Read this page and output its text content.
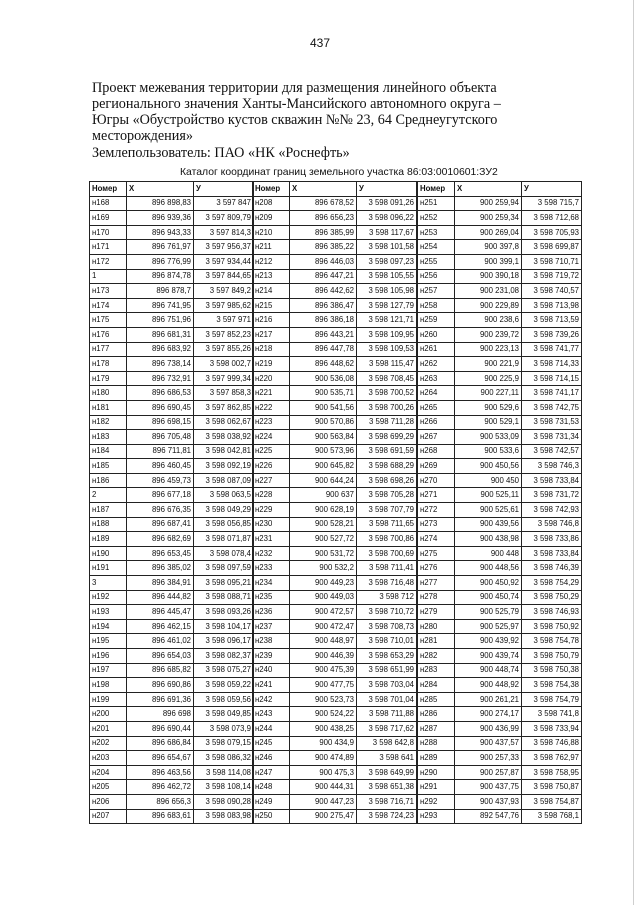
437
Проект межевания территории для размещения линейного объекта
регионального значения Ханты-Мансийского автономного округа –
Югры «Обустройство кустов скважин №№ 23, 64 Среднеугутского
месторождения»
Землепользователь: ПАО «НК «Роснефть»
Каталог координат границ земельного участка 86:03:0010601:ЗУ2
Номер	X	У
н168	896 898,83	3 597 847
н169	896 939,36	3 597 809,79
н170	896 943,33	3 597 814,3
н171	896 761,97	3 597 956,37
н172	896 776,99	3 597 934,44
1	896 874,78	3 597 844,65
н173	896 878,7	3 597 849,2
н174	896 741,95	3 597 985,62
н175	896 751,96	3 597 971
н176	896 681,31	3 597 852,23
н177	896 683,92	3 597 855,26
н178	896 738,14	3 598 002,7
н179	896 732,91	3 597 999,34
н180	896 686,53	3 597 858,3
н181	896 690,45	3 597 862,85
н182	896 698,15	3 598 062,67
н183	896 705,48	3 598 038,92
н184	896 711,81	3 598 042,81
н185	896 460,45	3 598 092,19
н186	896 459,73	3 598 087,09
2	896 677,18	3 598 063,5
н187	896 676,35	3 598 049,29
н188	896 687,41	3 598 056,85
н189	896 682,69	3 598 071,87
н190	896 653,45	3 598 078,4
н191	896 385,02	3 598 097,59
3	896 384,91	3 598 095,21
н192	896 444,82	3 598 088,71
н193	896 445,47	3 598 093,26
н194	896 462,15	3 598 104,17
н195	896 461,02	3 598 096,17
н196	896 654,03	3 598 082,37
н197	896 685,82	3 598 075,27
н198	896 690,86	3 598 059,22
н199	896 691,36	3 598 059,56
н200	896 698	3 598 049,85
н201	896 690,44	3 598 073,9
н202	896 686,84	3 598 079,15
н203	896 654,67	3 598 086,32
н204	896 463,56	3 598 114,08
н205	896 462,72	3 598 108,14
н206	896 656,3	3 598 090,28
н207	896 683,61	3 598 083,98
Номер	X	У
н208	896 678,52	3 598 091,26
н209	896 656,23	3 598 096,22
н210	896 385,99	3 598 117,67
н211	896 385,22	3 598 101,58
н212	896 446,03	3 598 097,23
н213	896 447,21	3 598 105,55
н214	896 442,62	3 598 105,98
н215	896 386,47	3 598 127,79
н216	896 386,18	3 598 121,71
н217	896 443,21	3 598 109,95
н218	896 447,78	3 598 109,53
н219	896 448,62	3 598 115,47
н220	900 536,08	3 598 708,45
н221	900 535,71	3 598 700,52
н222	900 541,56	3 598 700,26
н223	900 570,86	3 598 711,28
н224	900 563,84	3 598 699,29
н225	900 573,96	3 598 691,59
н226	900 645,82	3 598 688,29
н227	900 644,24	3 598 698,26
н228	900 637	3 598 705,28
н229	900 628,19	3 598 707,79
н230	900 528,21	3 598 711,65
н231	900 527,72	3 598 700,86
н232	900 531,72	3 598 700,69
н233	900 532,2	3 598 711,41
н234	900 449,23	3 598 716,48
н235	900 449,03	3 598 712
н236	900 472,57	3 598 710,72
н237	900 472,47	3 598 708,73
н238	900 448,97	3 598 710,01
н239	900 446,39	3 598 653,29
н240	900 475,39	3 598 651,99
н241	900 477,75	3 598 703,04
н242	900 523,73	3 598 701,04
н243	900 524,22	3 598 711,88
н244	900 438,25	3 598 717,62
н245	900 434,9	3 598 642,8
н246	900 474,89	3 598 641
н247	900 475,3	3 598 649,99
н248	900 444,31	3 598 651,38
н249	900 447,23	3 598 716,71
н250	900 275,47	3 598 724,23
Номер	X	У
н251	900 259,94	3 598 715,7
н252	900 259,34	3 598 712,68
н253	900 269,04	3 598 705,93
н254	900 397,8	3 598 699,87
н255	900 399,1	3 598 710,71
н256	900 390,18	3 598 719,72
н257	900 231,08	3 598 740,57
н258	900 229,89	3 598 713,98
н259	900 238,6	3 598 713,59
н260	900 239,72	3 598 739,26
н261	900 223,13	3 598 741,77
н262	900 221,9	3 598 714,33
н263	900 225,9	3 598 714,15
н264	900 227,11	3 598 741,17
н265	900 529,6	3 598 742,75
н266	900 529,1	3 598 731,53
н267	900 533,09	3 598 731,34
н268	900 533,6	3 598 742,57
н269	900 450,56	3 598 746,3
н270	900 450	3 598 733,84
н271	900 525,11	3 598 731,72
н272	900 525,61	3 598 742,93
н273	900 439,56	3 598 746,8
н274	900 438,98	3 598 733,86
н275	900 448	3 598 733,84
н276	900 448,56	3 598 746,39
н277	900 450,92	3 598 754,29
н278	900 450,74	3 598 750,29
н279	900 525,79	3 598 746,93
н280	900 525,97	3 598 750,92
н281	900 439,92	3 598 754,78
н282	900 439,74	3 598 750,79
н283	900 448,74	3 598 750,38
н284	900 448,92	3 598 754,38
н285	900 261,21	3 598 754,79
н286	900 274,17	3 598 741,8
н287	900 436,99	3 598 733,94
н288	900 437,57	3 598 746,88
н289	900 257,33	3 598 762,97
н290	900 257,87	3 598 758,95
н291	900 437,75	3 598 750,87
н292	900 437,93	3 598 754,87
н293	892 547,76	3 598 768,1
